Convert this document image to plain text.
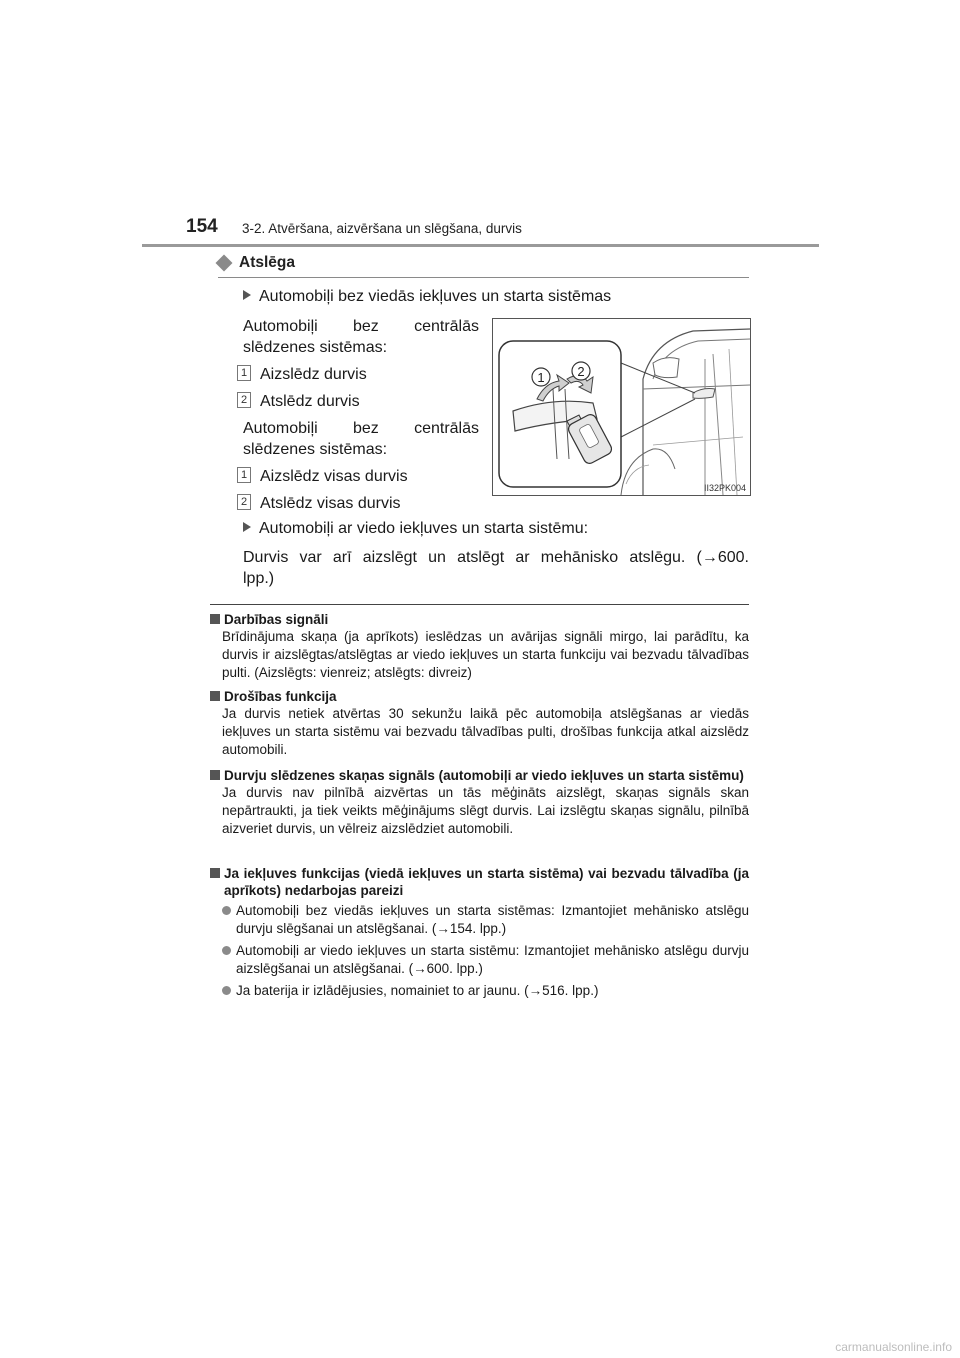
154 3-2. Atvēršana, aizvēršana un slēgšana, durvis
Atslēga
Automobiļi bez viedās iekļuves un starta sistēmas
Automobiļi bez centrālās
slēdzenes sistēmas:
1 Aizslēdz durvis
2 Atslēdz durvis
Automobiļi bez centrālās
slēdzenes sistēmas:
1 Aizslēdz visas durvis
2 Atslēdz visas durvis
1	2
II32PK004
Automobiļi ar viedo iekļuves un starta sistēmu:
Durvis var arī aizslēgt un atslēgt ar mehānisko atslēgu. (→600.
lpp.)
Darbības signāli
Brīdinājuma skaņa (ja aprīkots) ieslēdzas un avārijas signāli mirgo, lai parādītu, ka durvis ir aizslēgtas/atslēgtas ar viedo iekļuves un starta funkciju vai bezvadu tālvadības pulti. (Aizslēgts: vienreiz; atslēgts: divreiz)
Drošības funkcija
Ja durvis netiek atvērtas 30 sekunžu laikā pēc automobiļa atslēgšanas ar viedās iekļuves un starta sistēmu vai bezvadu tālvadības pulti, drošības funkcija atkal aizslēdz automobili.
Durvju slēdzenes skaņas signāls (automobiļi ar viedo iekļuves un starta sistēmu)
Ja durvis nav pilnībā aizvērtas un tās mēģināts aizslēgt, skaņas signāls skan nepārtraukti, ja tiek veikts mēģinājums slēgt durvis. Lai izslēgtu skaņas signālu, pilnībā aizveriet durvis, un vēlreiz aizslēdziet automobili.
Ja iekļuves funkcijas (viedā iekļuves un starta sistēma) vai bezvadu tālvadība (ja aprīkots) nedarbojas pareizi
Automobiļi bez viedās iekļuves un starta sistēmas: Izmantojiet mehānisko atslēgu durvju slēgšanai un atslēgšanai. (→154. lpp.)
Automobiļi ar viedo iekļuves un starta sistēmu: Izmantojiet mehānisko atslēgu durvju aizslēgšanai un atslēgšanai. (→600. lpp.)
Ja baterija ir izlādējusies, nomainiet to ar jaunu. (→516. lpp.)
carmanualsonline.info
